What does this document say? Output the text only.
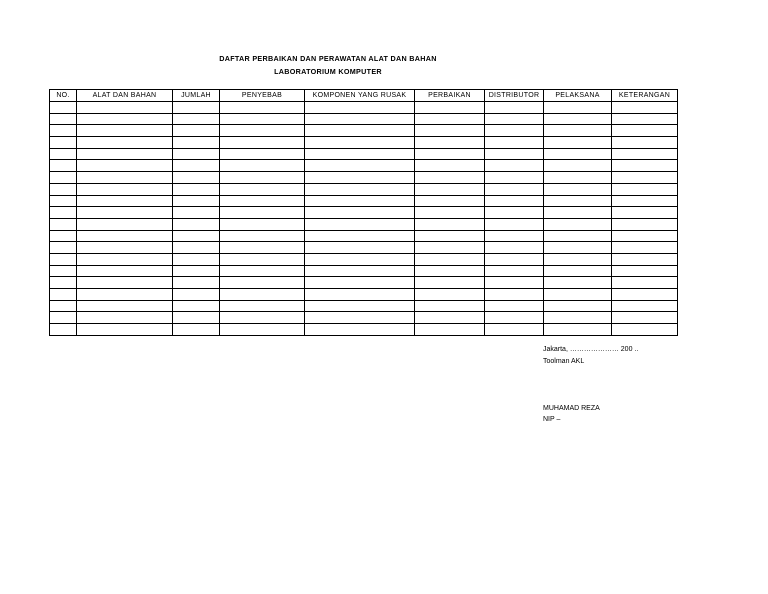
DAFTAR PERBAIKAN DAN PERAWATAN ALAT DAN BAHAN
LABORATORIUM KOMPUTER
NO.	ALAT DAN BAHAN	JUMLAH	PENYEBAB	KOMPONEN YANG RUSAK	PERBAIKAN	DISTRIBUTOR	PELAKSANA	KETERANGAN

Jakarta, ………………… 200 ..
Toolman AKL
MUHAMAD REZA
NIP –
